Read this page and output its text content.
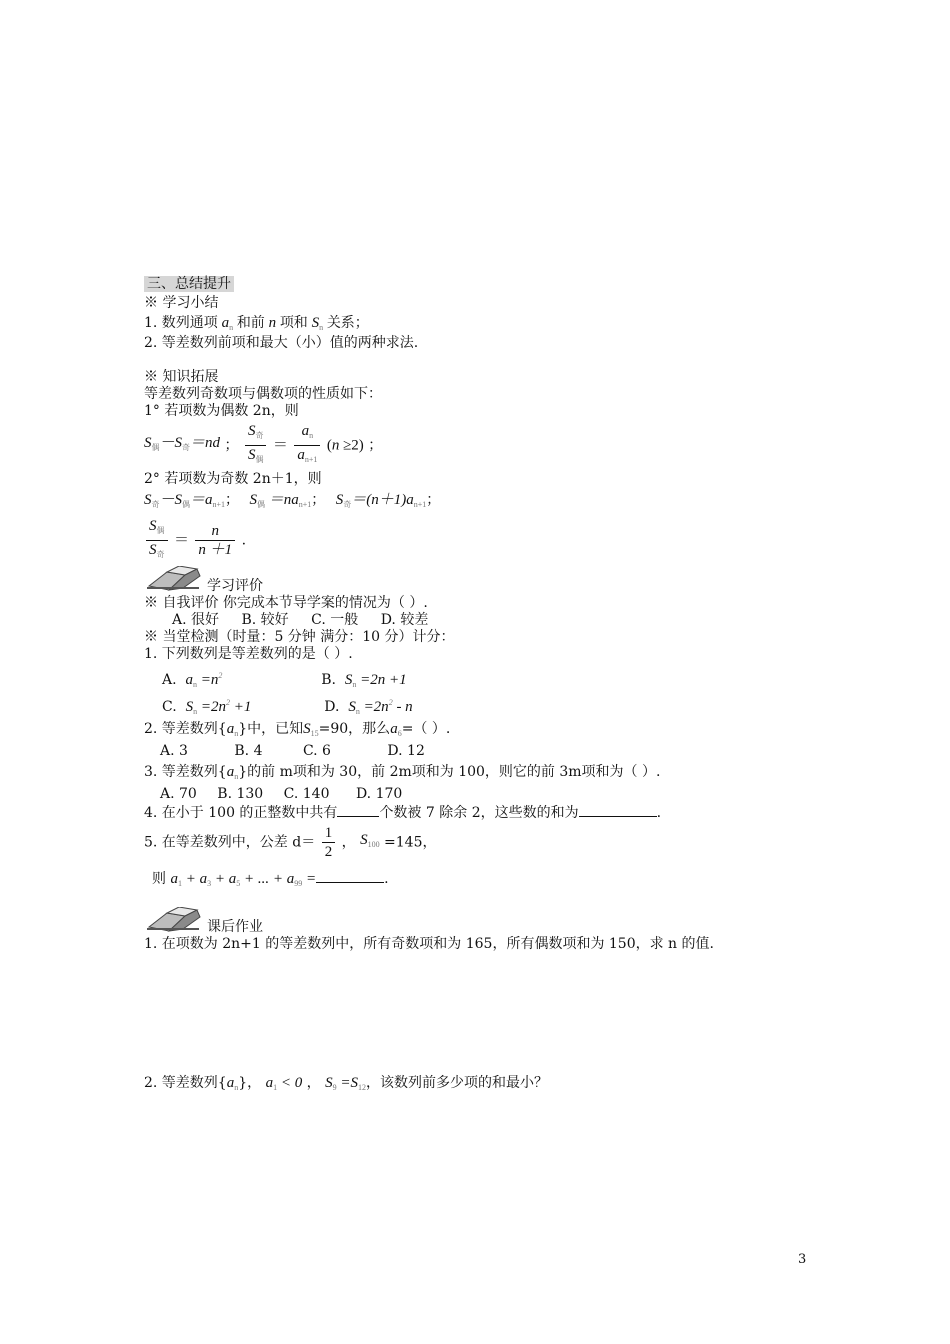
三、总结提升
※ 学习小结
1. 数列通项 $a_n$ 和前 n 项和 $S_n$ 关系；
2. 等差数列前项和最大（小）值的两种求法.
※ 知识拓展
等差数列奇数项与偶数项的性质如下：
1° 若项数为偶数 2n，则
$S_偶-S_奇=nd$ ； $\frac{S_奇}{S_偶} = \frac{a_n}{a_{n+1}} (n \ge 2)$ ；
2° 若项数为奇数 2n＋1，则
$S_奇-S_偶=a_{n+1}$； $S_偶 =na_{n+1}$； $S_奇=(n+1)a_{n+1}$；
$\frac{S_偶}{S_奇} = \frac{n}{n +1}$ .
学习评价
※ 自我评价 你完成本节导学案的情况为（ ）.
A. 很好 B. 较好 C. 一般 D. 较差
※ 当堂检测（时量：5 分钟 满分：10 分）计分：
1. 下列数列是等差数列的是（ ）.
A.  $a_n =n^2$	B.  $S_n =2n +1$
C.  $S_n =2n^2 +1$	D.  $S_n =2n^2 - n$
2. 等差数列$\{a_n\}$中，已知$S_{15}=90$，那么$a_6=$（ ）.
A. 3	B. 4	C. 6	D. 12
3. 等差数列$\{a_n\}$的前 m项和为 30，前 2m项和为 100，则它的前 3m项和为（ ）.
A. 70 B. 130 C. 140 D. 170
4. 在小于 100 的正整数中共有	个数被 7 除余 2，这些数的和为	.
5. 在等差数列中，公差 $d= \frac{1}{2}$ ， $S_{100} =145$，
则 $a_1 + a_3 + a_5$ + ... + $a_{99}$ =	.
课后作业
1. 在项数为 2n+1 的等差数列中，所有奇数项和为 165，所有偶数项和为 150，求 n 的值.
2. 等差数列$\{a_n\}$， $a_1 < 0$ ， $S_9 =S_{12}$，该数列前多少项的和最小？
3
